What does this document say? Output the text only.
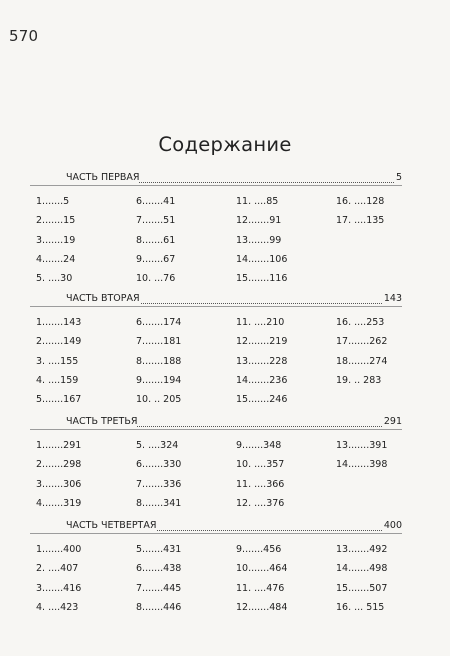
570
Содержание
ЧАСТЬ ПЕРВАЯ	5
1.......5
2.......15
3.......19
4.......24
5. ....30
6.......41
7.......51
8.......61
9.......67
10. ...76
11. ....85
12.......91
13.......99
14.......106
15.......116
16. ....128
17. ....135
ЧАСТЬ ВТОРАЯ	143
1.......143
2.......149
3. ....155
4. ....159
5.......167
6.......174
7.......181
8.......188
9.......194
10. .. 205
11. ....210
12.......219
13.......228
14.......236
15.......246
16. ....253
17.......262
18.......274
19. .. 283
ЧАСТЬ ТРЕТЬЯ	291
1.......291
2.......298
3.......306
4.......319
5. ....324
6.......330
7.......336
8.......341
9.......348
10. ....357
11. ....366
12. ....376
13.......391
14.......398
ЧАСТЬ ЧЕТВЕРТАЯ	400
1.......400
2. ....407
3.......416
4. ....423
5.......431
6.......438
7.......445
8.......446
9.......456
10.......464
11. ....476
12.......484
13.......492
14.......498
15.......507
16. ... 515
